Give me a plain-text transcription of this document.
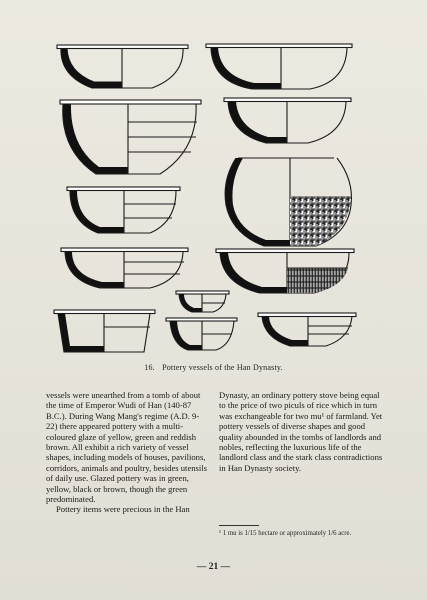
16. Pottery vessels of the Han Dynasty.

vessels were unearthed from a tomb of about the time of Emperor Wudi of Han (140-87 B.C.). During Wang Mang's regime (A.D. 9-22) there appeared pottery with a multi-coloured glaze of yellow, green and reddish brown. All exhibit a rich variety of vessel shapes, including models of houses, pavilions, corridors, animals and poultry, besides utensils of daily use. Glazed pottery was in green, yellow, black or brown, though the green predominated.

Pottery items were precious in the Han

Dynasty, an ordinary pottery stove being equal to the price of two piculs of rice which in turn was exchangeable for two mu¹ of farmland. Yet pottery vessels of diverse shapes and good quality abounded in the tombs of landlords and nobles, reflecting the luxurious life of the landlord class and the stark class contradictions in Han Dynasty society.

¹ 1 mu is 1/15 hectare or approximately 1/6 acre.
— 21 —
